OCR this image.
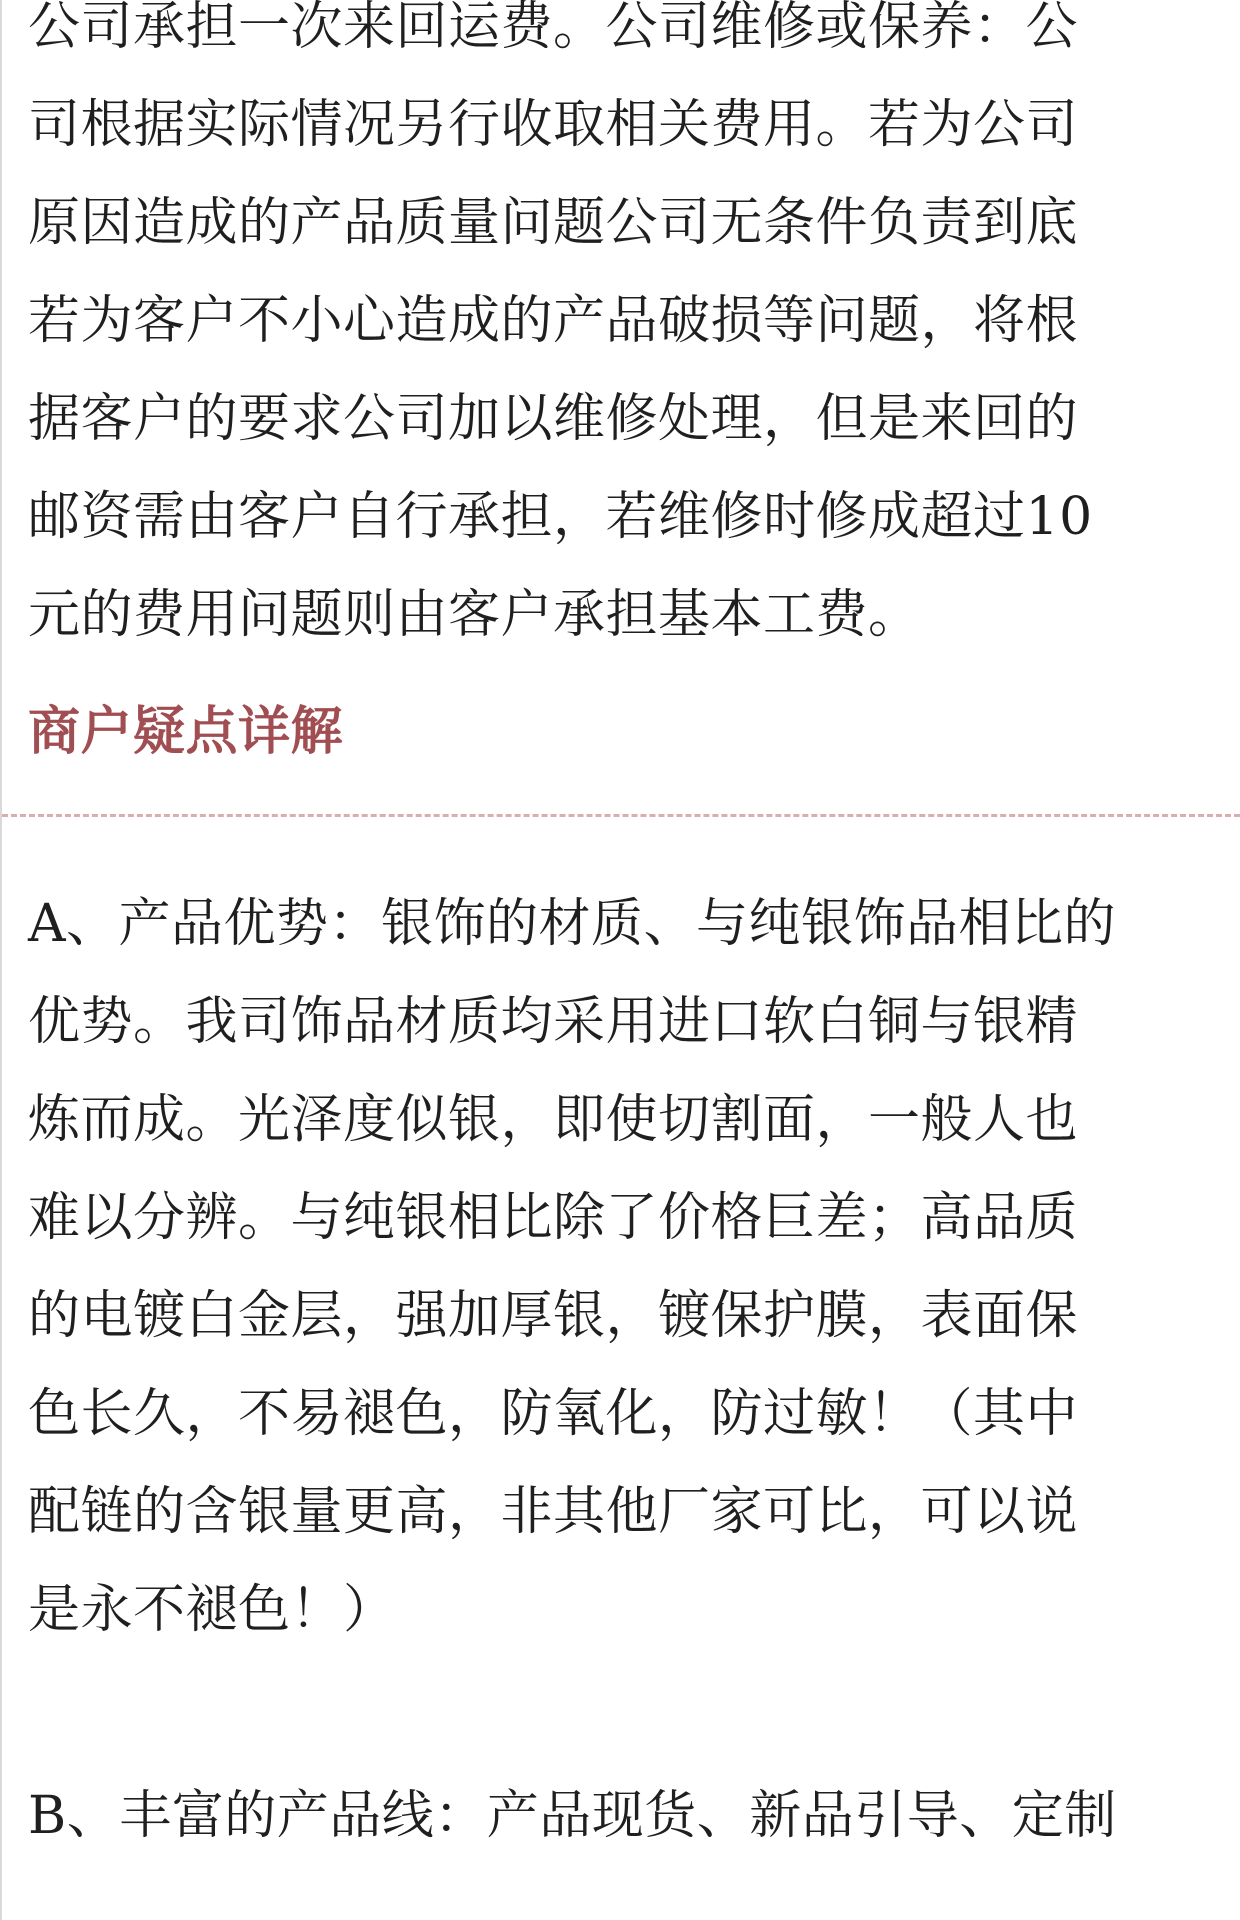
公司承担一次来回运费。公司维修或保养：公
司根据实际情况另行收取相关费用。若为公司
原因造成的产品质量问题公司无条件负责到底
若为客户不小心造成的产品破损等问题，将根
据客户的要求公司加以维修处理，但是来回的
邮资需由客户自行承担，若维修时修成超过10
元的费用问题则由客户承担基本工费。

商户疑点详解

A、产品优势：银饰的材质、与纯银饰品相比的
优势。我司饰品材质均采用进口软白铜与银精
炼而成。光泽度似银，即使切割面，一般人也
难以分辨。与纯银相比除了价格巨差；高品质
的电镀白金层，强加厚银，镀保护膜，表面保
色长久，不易褪色，防氧化，防过敏！（其中
配链的含银量更高，非其他厂家可比，可以说
是永不褪色！）

B、丰富的产品线：产品现货、新品引导、定制
